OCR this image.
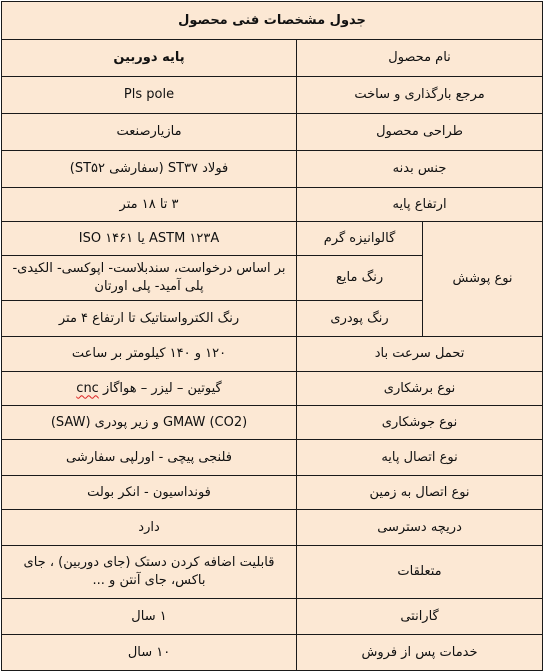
جدول مشخصات فنی محصول		
نام محصول		پایه دوربین
مرجع بارگذاری و ساخت		Pls pole
طراحی محصول		مازیارصنعت
جنس بدنه		فولاد ST۳۷ (سفارشی ST۵۲)
ارتفاع پایه		۳ تا ۱۸ متر
نوع پوشش	گالوانیزه گرم	ASTM ۱۲۳A یا ISO ۱۴۶۱
	رنگ مایع	بر اساس درخواست، سندبلاست- اپوکسی- الکیدی- پلی آمید- پلی اورتان
	رنگ پودری	رنگ الکترواستاتیک تا ارتفاع ۴ متر
تحمل سرعت باد		۱۲۰ و ۱۴۰ کیلومتر بر ساعت
نوع برشکاری		گیوتین – لیزر – هواگاز cnc
نوع جوشکاری		GMAW (CO2) و زیر پودری (SAW)
نوع اتصال پایه		فلنجی پیچی - اورلپی سفارشی
نوع اتصال به زمین		فونداسیون - انکر بولت
دریچه دسترسی		دارد
متعلقات		قابلیت اضافه کردن دستک (جای دوربین) ، جای باکس، جای آنتن و ...
گارانتی		۱ سال
خدمات پس از فروش		۱۰ سال
